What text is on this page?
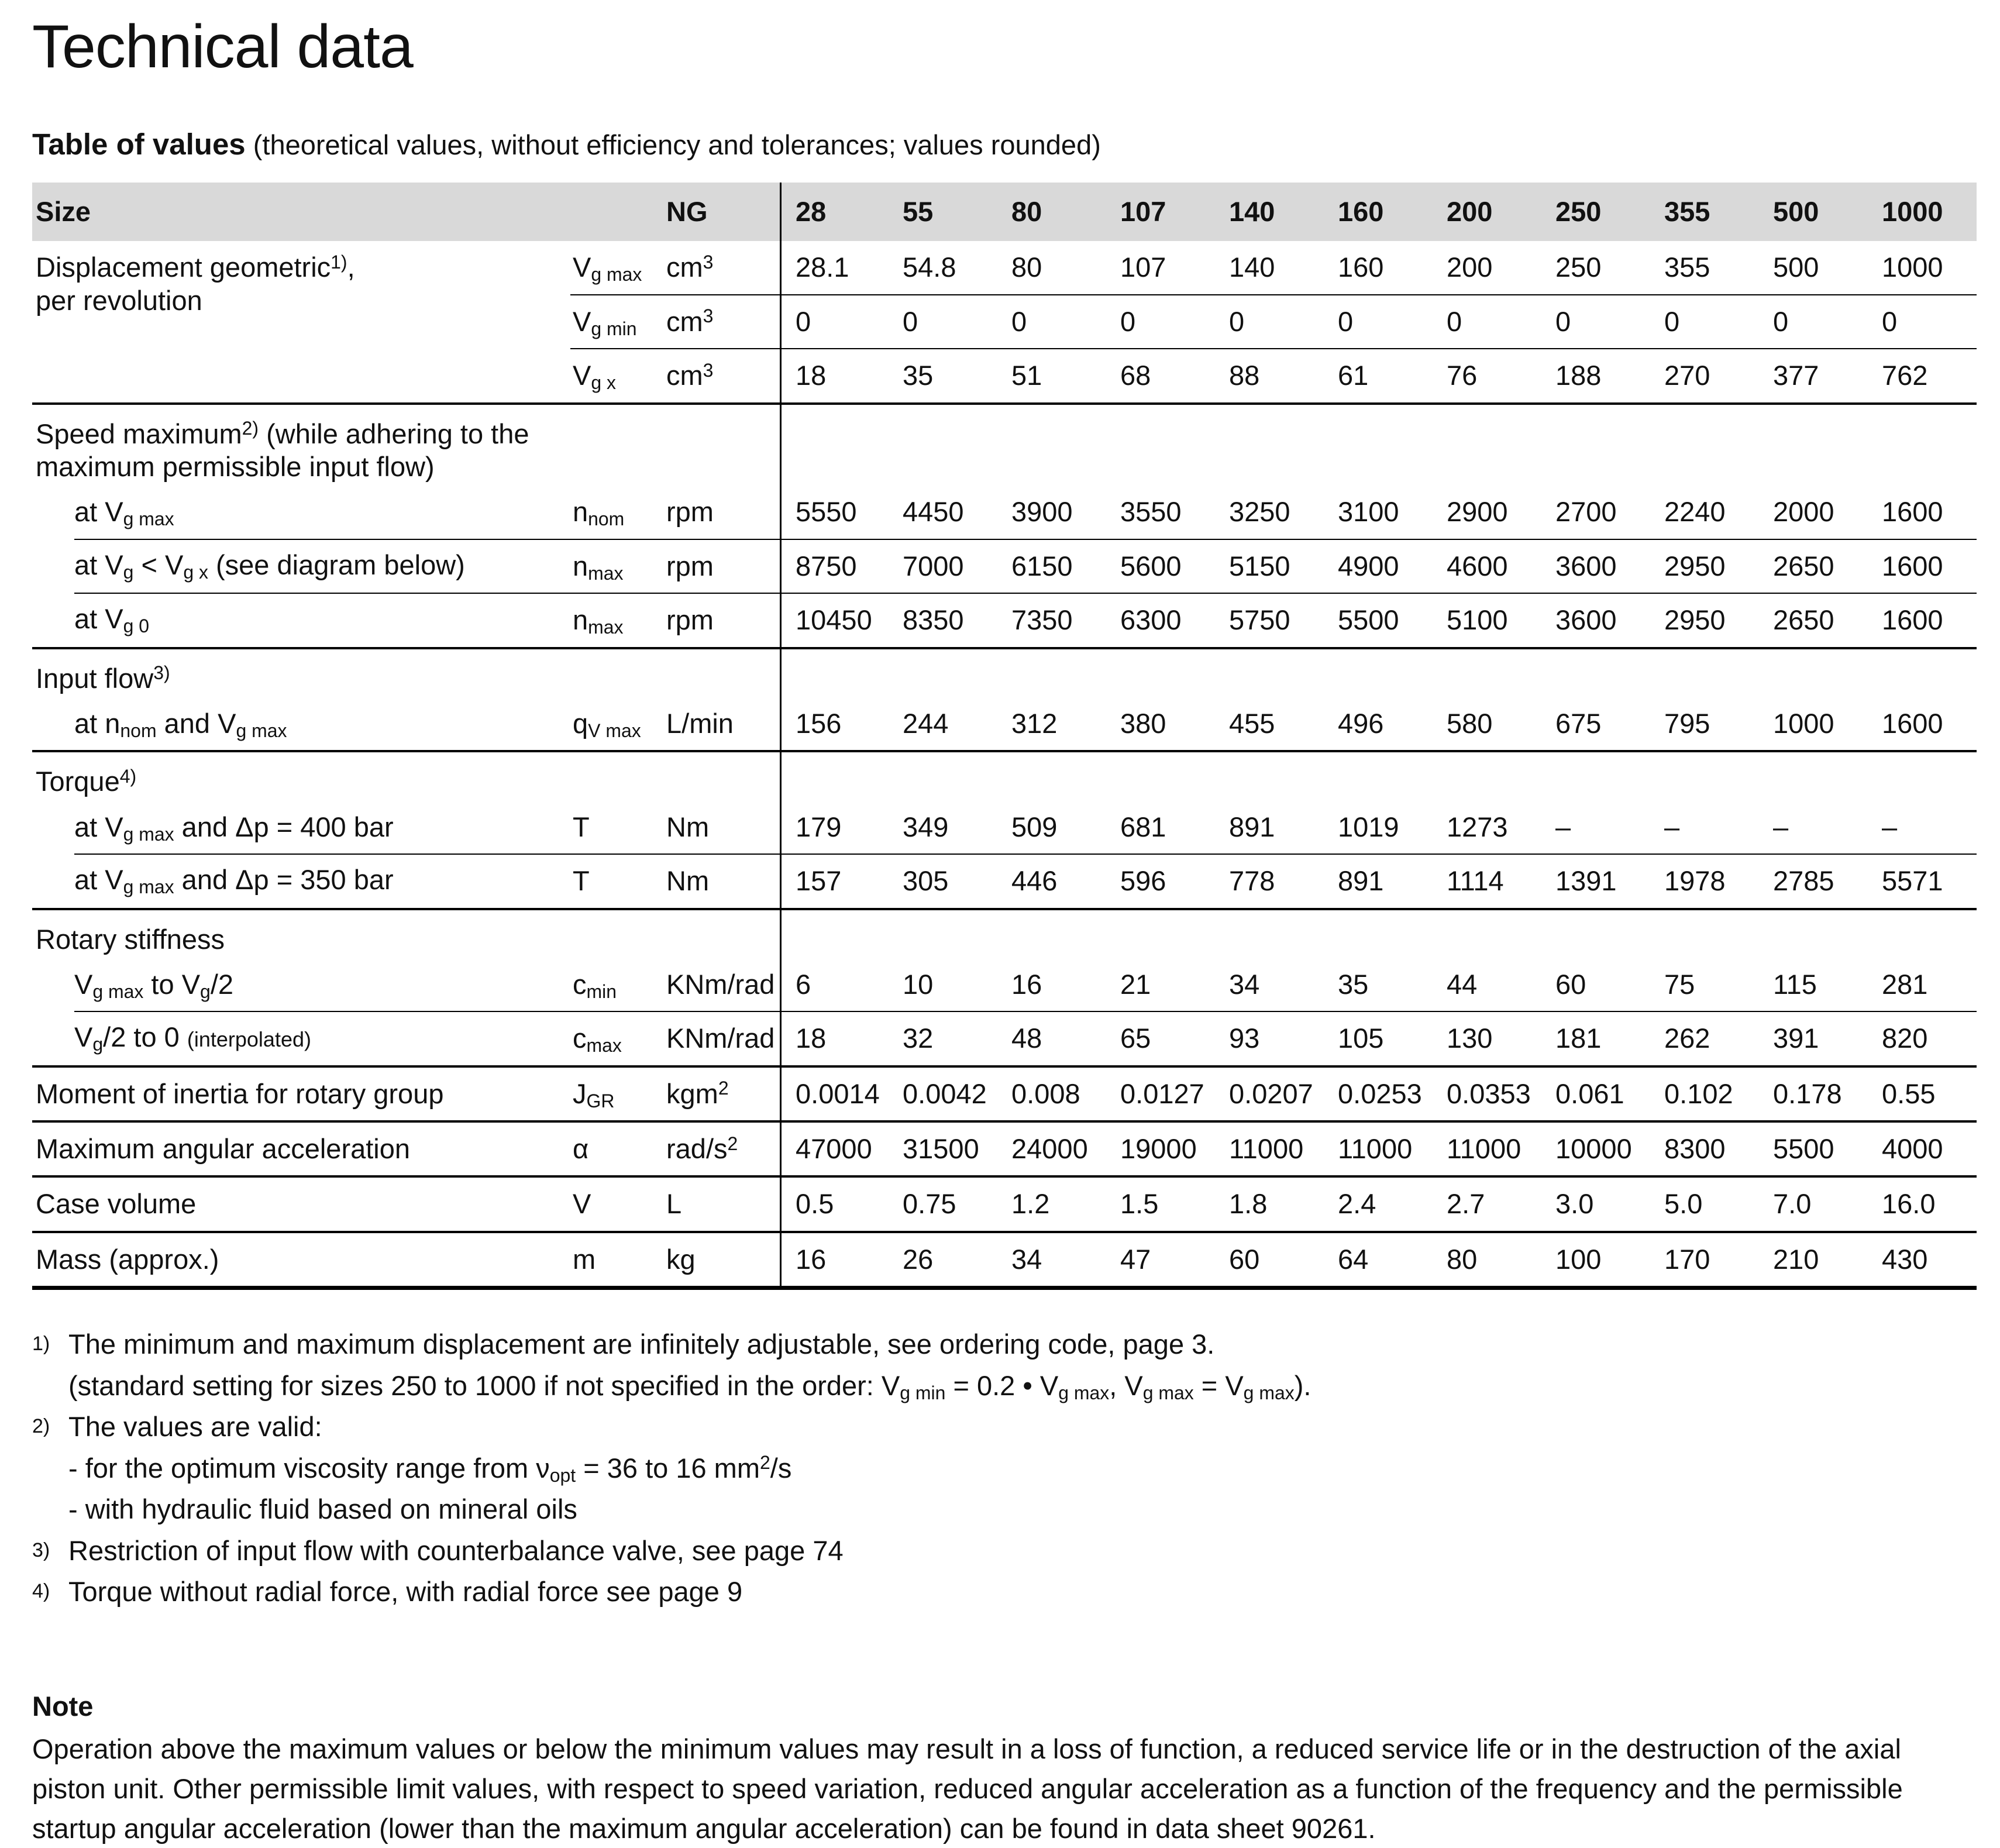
Technical data
Table of values (theoretical values, without efficiency and tolerances; values rounded)
Size		NG	28	55	80	107	140	160	200	250	355	500	1000
Displacement geometric$^{1)}$,
per revolution	$V_{g max}$	$cm^3$	28.1	54.8	80	107	140	160	200	250	355	500	1000
	$V_{g min}$	$cm^3$	0	0	0	0	0	0	0	0	0	0	0
	$V_{g x}$	$cm^3$	18	35	51	68	88	61	76	188	270	377	762

Speed maximum$^{2)}$ (while adhering to the maximum permissible input flow)													

at $V_{g max}$	$n_{nom}$	rpm	5550	4450	3900	3550	3250	3100	2900	2700	2240	2000	1600
at $V_g < V_{g x}$ (see diagram below)	$n_{max}$	rpm	8750	7000	6150	5600	5150	4900	4600	3600	2950	2650	1600
at $V_{g 0}$	$n_{max}$	rpm	10450	8350	7350	6300	5750	5500	5100	3600	2950	2650	1600

Input flow$^{3)}$

at $n_{nom}$ and $V_{g max}$	$q_{V max}$	L/min	156	244	312	380	455	496	580	675	795	1000	1600

Torque$^{4)}$

at $V_{g max}$ and Δp = 400 bar	T	Nm	179	349	509	681	891	1019	1273	–	–	–	–
at $V_{g max}$ and Δp = 350 bar	T	Nm	157	305	446	596	778	891	1114	1391	1978	2785	5571

Rotary stiffness													

$V_{g max}$ to $V_g/2$	$c_{min}$	KNm/rad	6	10	16	21	34	35	44	60	75	115	281
$V_g/2$ to 0 (interpolated)	$c_{max}$	KNm/rad	18	32	48	65	93	105	130	181	262	391	820
Moment of inertia for rotary group	$J_{GR}$	kgm$^2$	0.0014	0.0042	0.008	0.0127	0.0207	0.0253	0.0353	0.061	0.102	0.178	0.55
Maximum angular acceleration	α	rad/$s^2$	47000	31500	24000	19000	11000	11000	11000	10000	8300	5500	4000
Case volume	V	L	0.5	0.75	1.2	1.5	1.8	2.4	2.7	3.0	5.0	7.0	16.0
Mass (approx.)	m	kg	16	26	34	47	60	64	80	100	170	210	430
1) The minimum and maximum displacement are infinitely adjustable, see ordering code, page 3.
(standard setting for sizes 250 to 1000 if not specified in the order: $V_{g min} = 0.2$ • $V_{g max}$, $V_{g max} = V_{g max}$).
2) The values are valid:
- for the optimum viscosity range from $\nu_{opt} = 36$ to 16 $mm^2/s$
- with hydraulic fluid based on mineral oils
3) Restriction of input flow with counterbalance valve, see page 74
4) Torque without radial force, with radial force see page 9
Note
Operation above the maximum values or below the minimum values may result in a loss of function, a reduced service life or in the destruction of the axial piston unit. Other permissible limit values, with respect to speed variation, reduced angular acceleration as a function of the frequency and the permissible startup angular acceleration (lower than the maximum angular acceleration) can be found in data sheet 90261.
